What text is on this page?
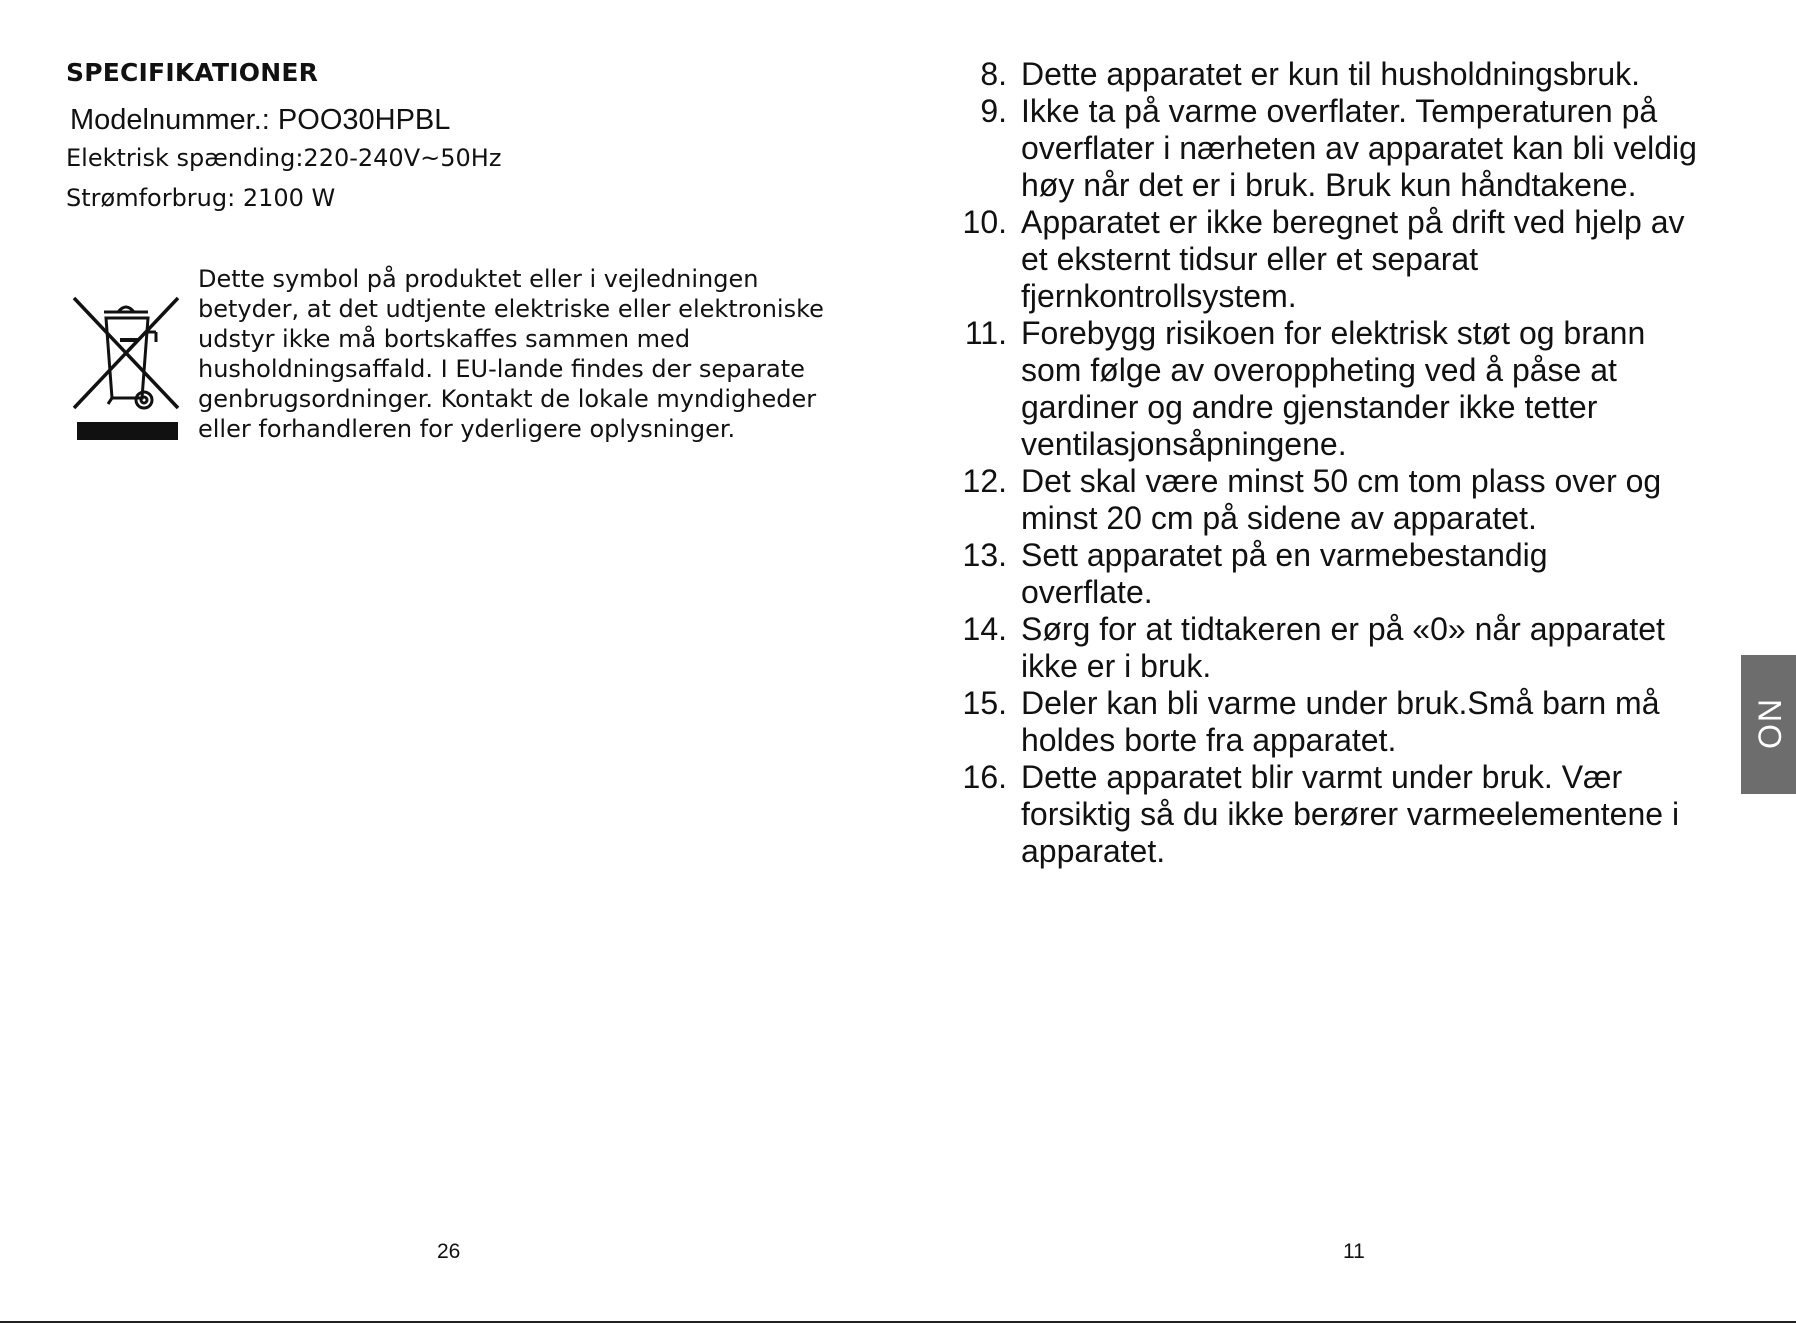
SPECIFIKATIONER
Modelnummer.: POO30HPBL
Elektrisk spænding:220-240V~50Hz
Strømforbrug: 2100 W
Dette symbol på produktet eller i vejledningen
betyder, at det udtjente elektriske eller elektroniske
udstyr ikke må bortskaffes sammen med
husholdningsaffald. I EU-lande findes der separate
genbrugsordninger. Kontakt de lokale myndigheder
eller forhandleren for yderligere oplysninger.
26
8. Dette apparatet er kun til husholdningsbruk.
9. Ikke ta på varme overflater. Temperaturen på
overflater i nærheten av apparatet kan bli veldig
høy når det er i bruk. Bruk kun håndtakene.
10. Apparatet er ikke beregnet på drift ved hjelp av
et eksternt tidsur eller et separat
fjernkontrollsystem.
11. Forebygg risikoen for elektrisk støt og brann
som følge av overoppheting ved å påse at
gardiner og andre gjenstander ikke tetter
ventilasjonsåpningene.
12. Det skal være minst 50 cm tom plass over og
minst 20 cm på sidene av apparatet.
13. Sett apparatet på en varmebestandig
overflate.
14. Sørg for at tidtakeren er på «0» når apparatet
ikke er i bruk.
15. Deler kan bli varme under bruk.Små barn må
holdes borte fra apparatet.
16. Dette apparatet blir varmt under bruk. Vær
forsiktig så du ikke berører varmeelementene i
apparatet.
NO
11
